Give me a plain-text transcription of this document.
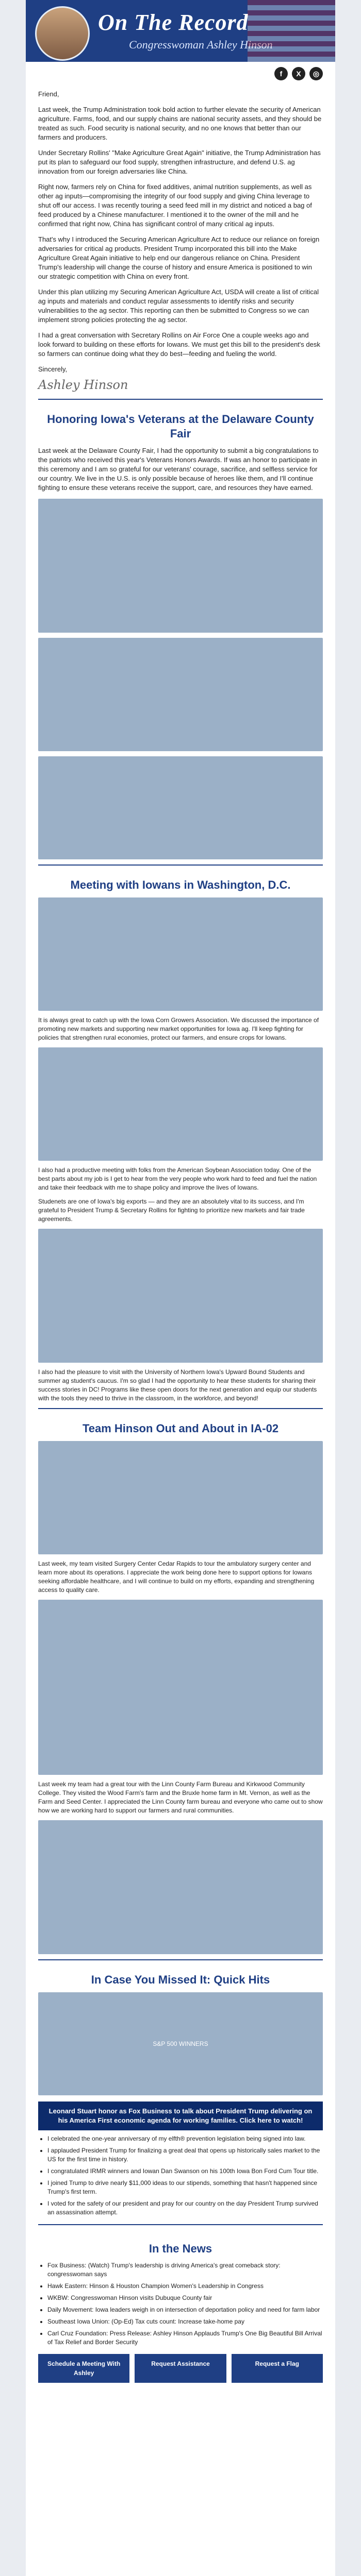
On The Record
Congresswoman Ashley Hinson
f	X	◎

Friend,

Last week, the Trump Administration took bold action to further elevate the security of American agriculture. Farms, food, and our supply chains are national security assets, and they should be treated as such. Food security is national security, and no one knows that better than our farmers and producers.

Under Secretary Rollins' "Make Agriculture Great Again" initiative, the Trump Administration has put its plan to safeguard our food supply, strengthen infrastructure, and defend U.S. ag innovation from our foreign adversaries like China.

Right now, farmers rely on China for fixed additives, animal nutrition supplements, as well as other ag inputs—compromising the integrity of our food supply and giving China leverage to shut off our access. I was recently touring a seed feed mill in my district and noticed a bag of feed produced by a Chinese manufacturer. I mentioned it to the owner of the mill and he confirmed that right now, China has significant control of many critical ag inputs.

That's why I introduced the Securing American Agriculture Act to reduce our reliance on foreign adversaries for critical ag products. President Trump incorporated this bill into the Make Agriculture Great Again initiative to help end our dangerous reliance on China. President Trump's leadership will change the course of history and ensure America is positioned to win our strategic competition with China on every front.

Under this plan utilizing my Securing American Agriculture Act, USDA will create a list of critical ag inputs and materials and conduct regular assessments to identify risks and security vulnerabilities to the ag sector. This reporting can then be submitted to Congress so we can implement strong policies protecting the ag sector.

I had a great conversation with Secretary Rollins on Air Force One a couple weeks ago and look forward to building on these efforts for Iowans. We must get this bill to the president's desk so farmers can continue doing what they do best—feeding and fueling the world.

Sincerely,

Ashley Hinson
Honoring Iowa's Veterans at the Delaware County Fair

Last week at the Delaware County Fair, I had the opportunity to submit a big congratulations to the patriots who received this year's Veterans Honors Awards. If was an honor to participate in this ceremony and I am so grateful for our veterans' courage, sacrifice, and selfless service for our country. We live in the U.S. is only possible because of heroes like them, and I'll continue fighting to ensure these veterans receive the support, care, and resources they have earned.

Meeting with Iowans in Washington, D.C.
It is always great to catch up with the Iowa Corn Growers Association. We discussed the importance of promoting new markets and supporting new market opportunities for Iowa ag. I'll keep fighting for policies that strengthen rural economies, protect our farmers, and ensure crops for Iowans.
I also had a productive meeting with folks from the American Soybean Association today. One of the best parts about my job is I get to hear from the very people who work hard to feed and fuel the nation and take their feedback with me to shape policy and improve the lives of Iowans.
Studenets are one of Iowa's big exports — and they are an absolutely vital to its success, and I'm grateful to President Trump & Secretary Rollins for fighting to prioritize new markets and fair trade agreements.
I also had the pleasure to visit with the University of Northern Iowa's Upward Bound Students and summer ag student's caucus. I'm so glad I had the opportunity to hear these students for sharing their success stories in DC! Programs like these open doors for the next generation and equip our students with the tools they need to thrive in the classroom, in the workforce, and beyond!
Team Hinson Out and About in IA-02
Last week, my team visited Surgery Center Cedar Rapids to tour the ambulatory surgery center and learn more about its operations. I appreciate the work being done here to support options for Iowans seeking affordable healthcare, and I will continue to build on my efforts, expanding and strengthening access to quality care.
Last week my team had a great tour with the Linn County Farm Bureau and Kirkwood Community College. They visited the Wood Farm's farm and the Bruxle home farm in Mt. Vernon, as well as the Farm and Seed Center. I appreciated the Linn County farm bureau and everyone who came out to show how we are working hard to support our farmers and rural communities.
In Case You Missed It: Quick Hits
S&P 500 WINNERS
Leonard Stuart honor as Fox Business to talk about President Trump delivering on his America First economic agenda for working families. Click here to watch!
• I celebrated the one-year anniversary of my elfth® prevention legislation being signed into law.
• I applauded President Trump for finalizing a great deal that opens up historically sales market to the US for the first time in history.
• I congratulated IRMR winners and Iowan Dan Swanson on his 100th Iowa Bon Ford Cum Tour title.
• I joined Trump to drive nearly $11,000 ideas to our stipends, something that hasn't happened since Trump's first term.
• I voted for the safety of our president and pray for our country on the day President Trump survived an assassination attempt.
In the News
• Fox Business: (Watch) Trump's leadership is driving America's great comeback story: congresswoman says
• Hawk Eastern: Hinson & Houston Champion Women's Leadership in Congress
• WKBW: Congresswoman Hinson visits Dubuque County fair
• Daily Movement: Iowa leaders weigh in on intersection of deportation policy and need for farm labor
• Southeast Iowa Union: (Op-Ed) Tax cuts count: Increase take-home pay
• Carl Cruz Foundation: Press Release: Ashley Hinson Applauds Trump's One Big Beautiful Bill Arrival of Tax Relief and Border Security
Schedule a Meeting With Ashley
Request Assistance	Request a Flag
